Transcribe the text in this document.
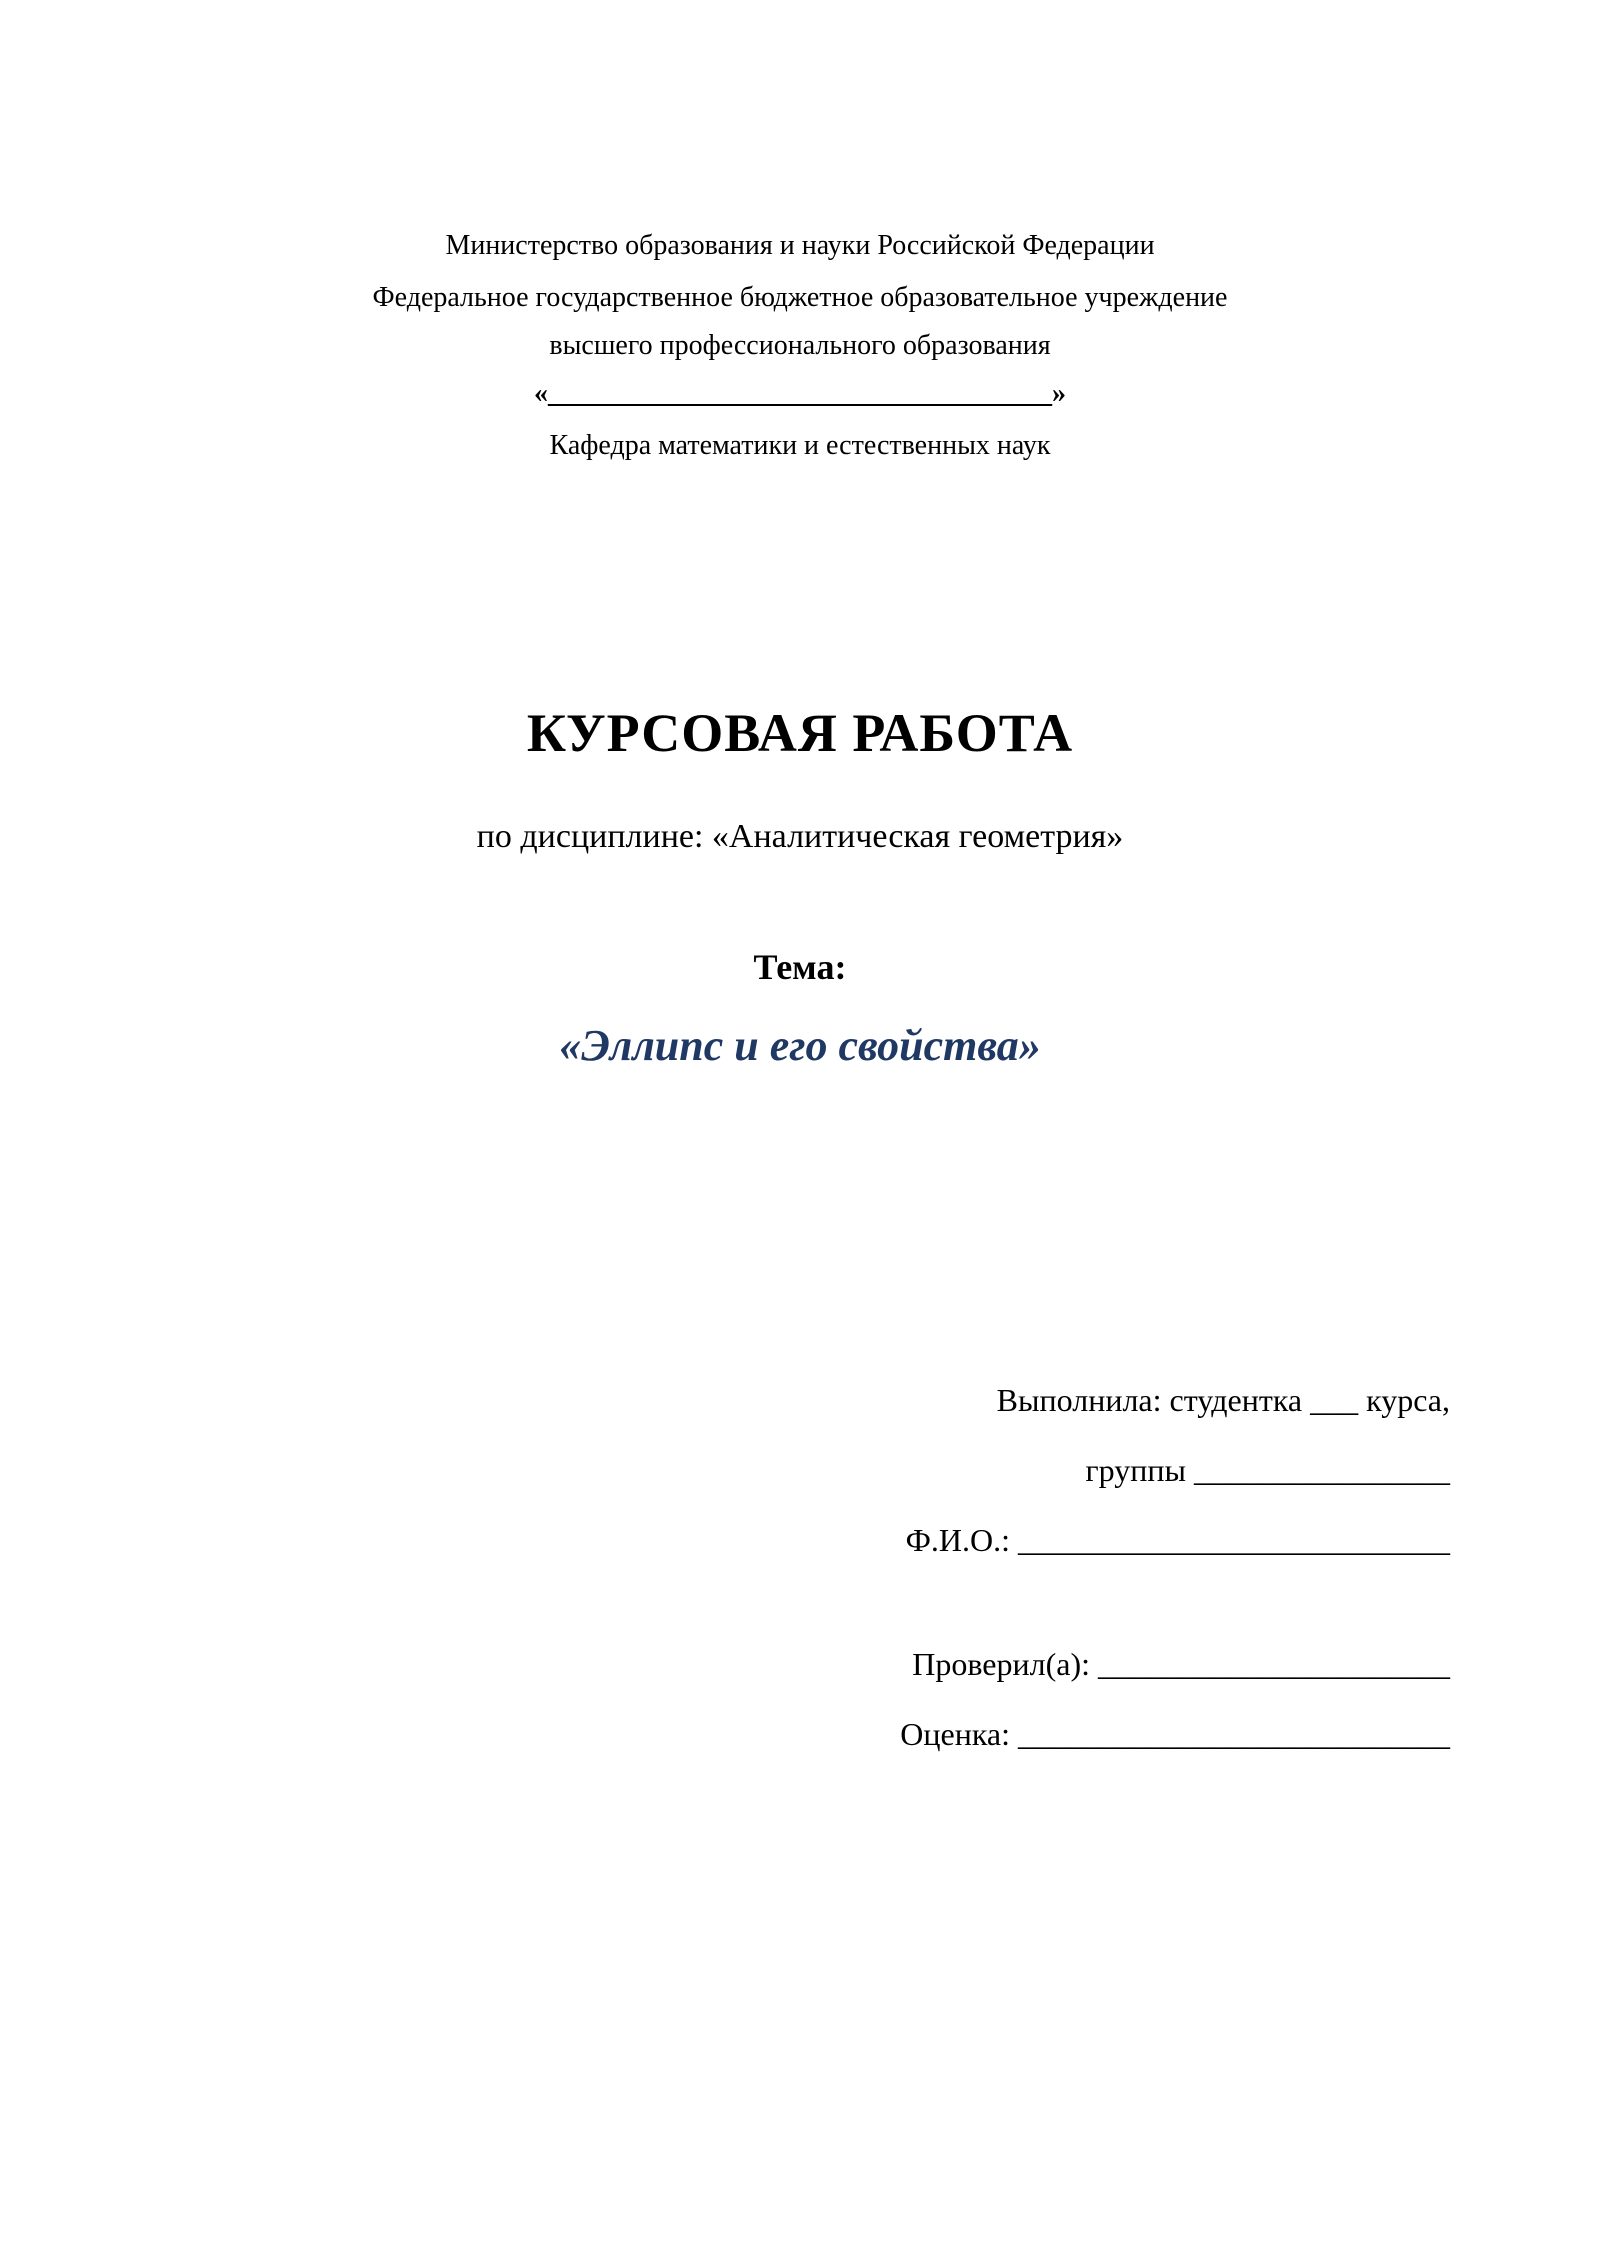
Министерство образования и науки Российской Федерации
Федеральное государственное бюджетное образовательное учреждение
высшего профессионального образования
«____________________________________»
Кафедра математики и естественных наук
КУРСОВАЯ РАБОТА
по дисциплине: «Аналитическая геометрия»
Тема:
«Эллипс и его свойства»
Выполнила: студентка ___ курса,
группы ________________
Ф.И.О.: ___________________________
Проверил(а): ______________________
Оценка: ___________________________
